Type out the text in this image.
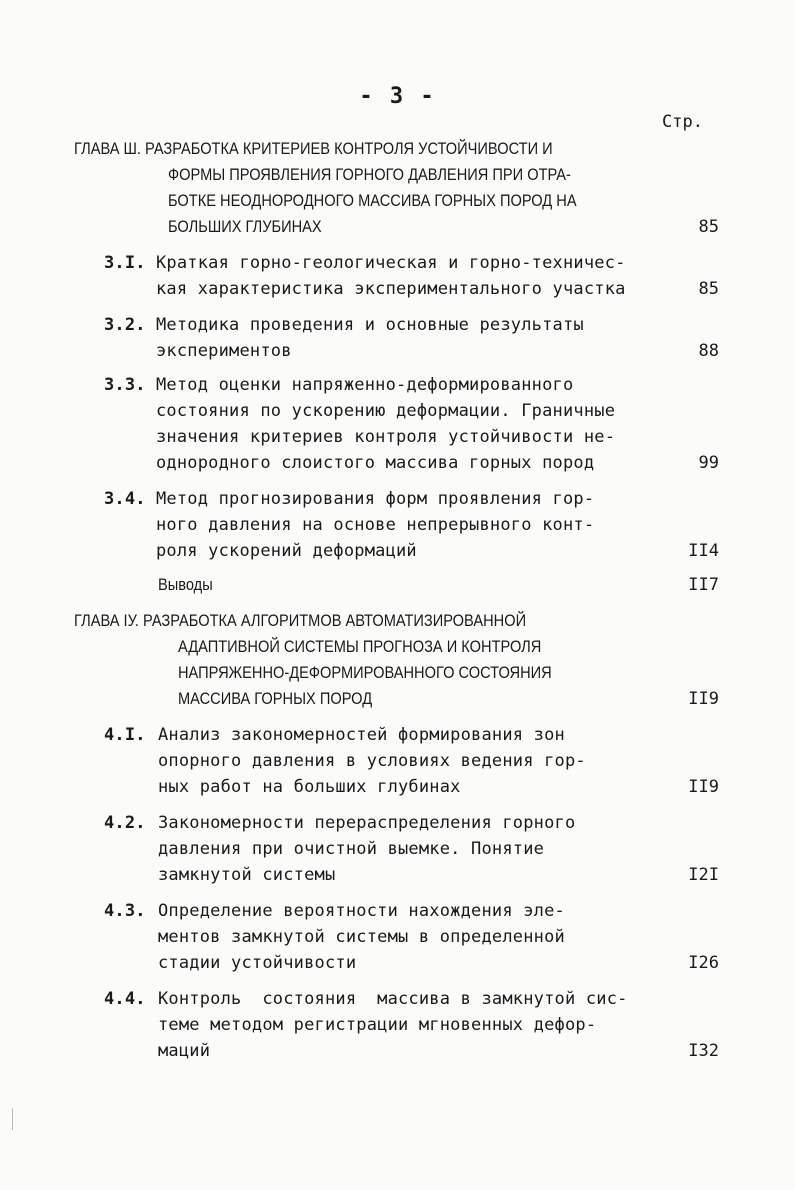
- 3 -
Стр.
ГЛАВА Ш. РАЗРАБОТКА КРИТЕРИЕВ КОНТРОЛЯ УСТОЙЧИВОСТИ И
ФОРМЫ ПРОЯВЛЕНИЯ ГОРНОГО ДАВЛЕНИЯ ПРИ ОТРА-
БОТКЕ НЕОДНОРОДНОГО МАССИВА ГОРНЫХ ПОРОД НА
БОЛЬШИХ ГЛУБИНАХ	85
3.I. Краткая горно-геологическая и горно-техничес-
кая характеристика экспериментального участка	85
3.2. Методика проведения и основные результаты
экспериментов	88
3.3. Метод оценки напряженно-деформированного
состояния по ускорению деформации. Граничные
значения критериев контроля устойчивости не-
однородного слоистого массива горных пород	99
3.4. Метод прогнозирования форм проявления гор-
ного давления на основе непрерывного конт-
роля ускорений деформаций	II4
Выводы	II7
ГЛАВА IУ. РАЗРАБОТКА АЛГОРИТМОВ АВТОМАТИЗИРОВАННОЙ
АДАПТИВНОЙ СИСТЕМЫ ПРОГНОЗА И КОНТРОЛЯ
НАПРЯЖЕННО-ДЕФОРМИРОВАННОГО СОСТОЯНИЯ
МАССИВА ГОРНЫХ ПОРОД	II9
4.I. Анализ закономерностей формирования зон
опорного давления в условиях ведения гор-
ных работ на больших глубинах	II9
4.2. Закономерности перераспределения горного
давления при очистной выемке. Понятие
замкнутой системы	I2I
4.3. Определение вероятности нахождения эле-
ментов замкнутой системы в определенной
стадии устойчивости	I26
4.4. Контроль  состояния  массива в замкнутой сис-
теме методом регистрации мгновенных дефор-
маций	I32
